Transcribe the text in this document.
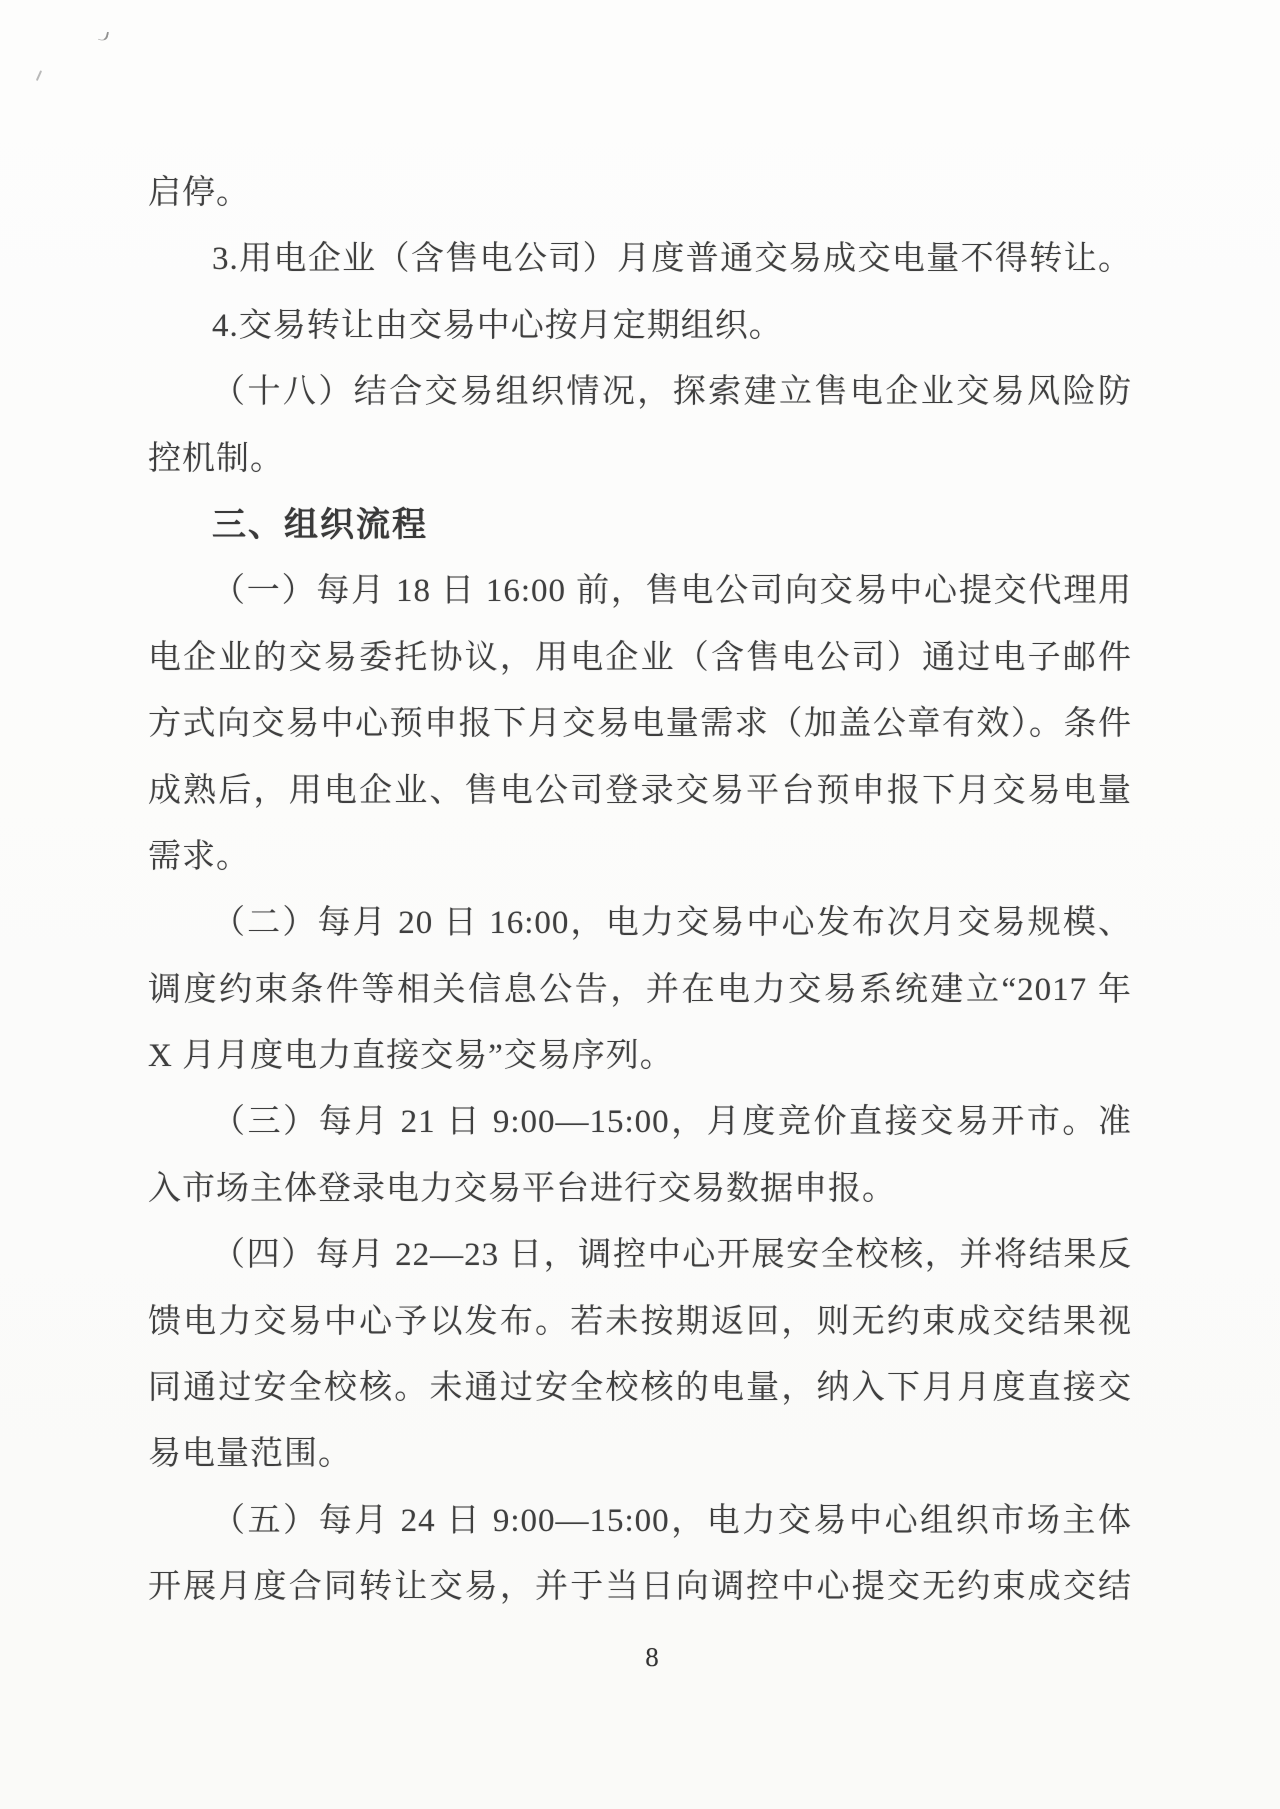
启停。
3.用电企业（含售电公司）月度普通交易成交电量不得转让。
4.交易转让由交易中心按月定期组织。
（十八）结合交易组织情况，探索建立售电企业交易风险防
控机制。
三、组织流程
（一）每月 18 日 16:00 前，售电公司向交易中心提交代理用
电企业的交易委托协议，用电企业（含售电公司）通过电子邮件
方式向交易中心预申报下月交易电量需求（加盖公章有效）。条件
成熟后，用电企业、售电公司登录交易平台预申报下月交易电量
需求。
（二）每月 20 日 16:00，电力交易中心发布次月交易规模、
调度约束条件等相关信息公告，并在电力交易系统建立“2017 年
X 月月度电力直接交易”交易序列。
（三）每月 21 日 9:00—15:00，月度竞价直接交易开市。准
入市场主体登录电力交易平台进行交易数据申报。
（四）每月 22—23 日，调控中心开展安全校核，并将结果反
馈电力交易中心予以发布。若未按期返回，则无约束成交结果视
同通过安全校核。未通过安全校核的电量，纳入下月月度直接交
易电量范围。
（五）每月 24 日 9:00—15:00，电力交易中心组织市场主体
开展月度合同转让交易，并于当日向调控中心提交无约束成交结
8
